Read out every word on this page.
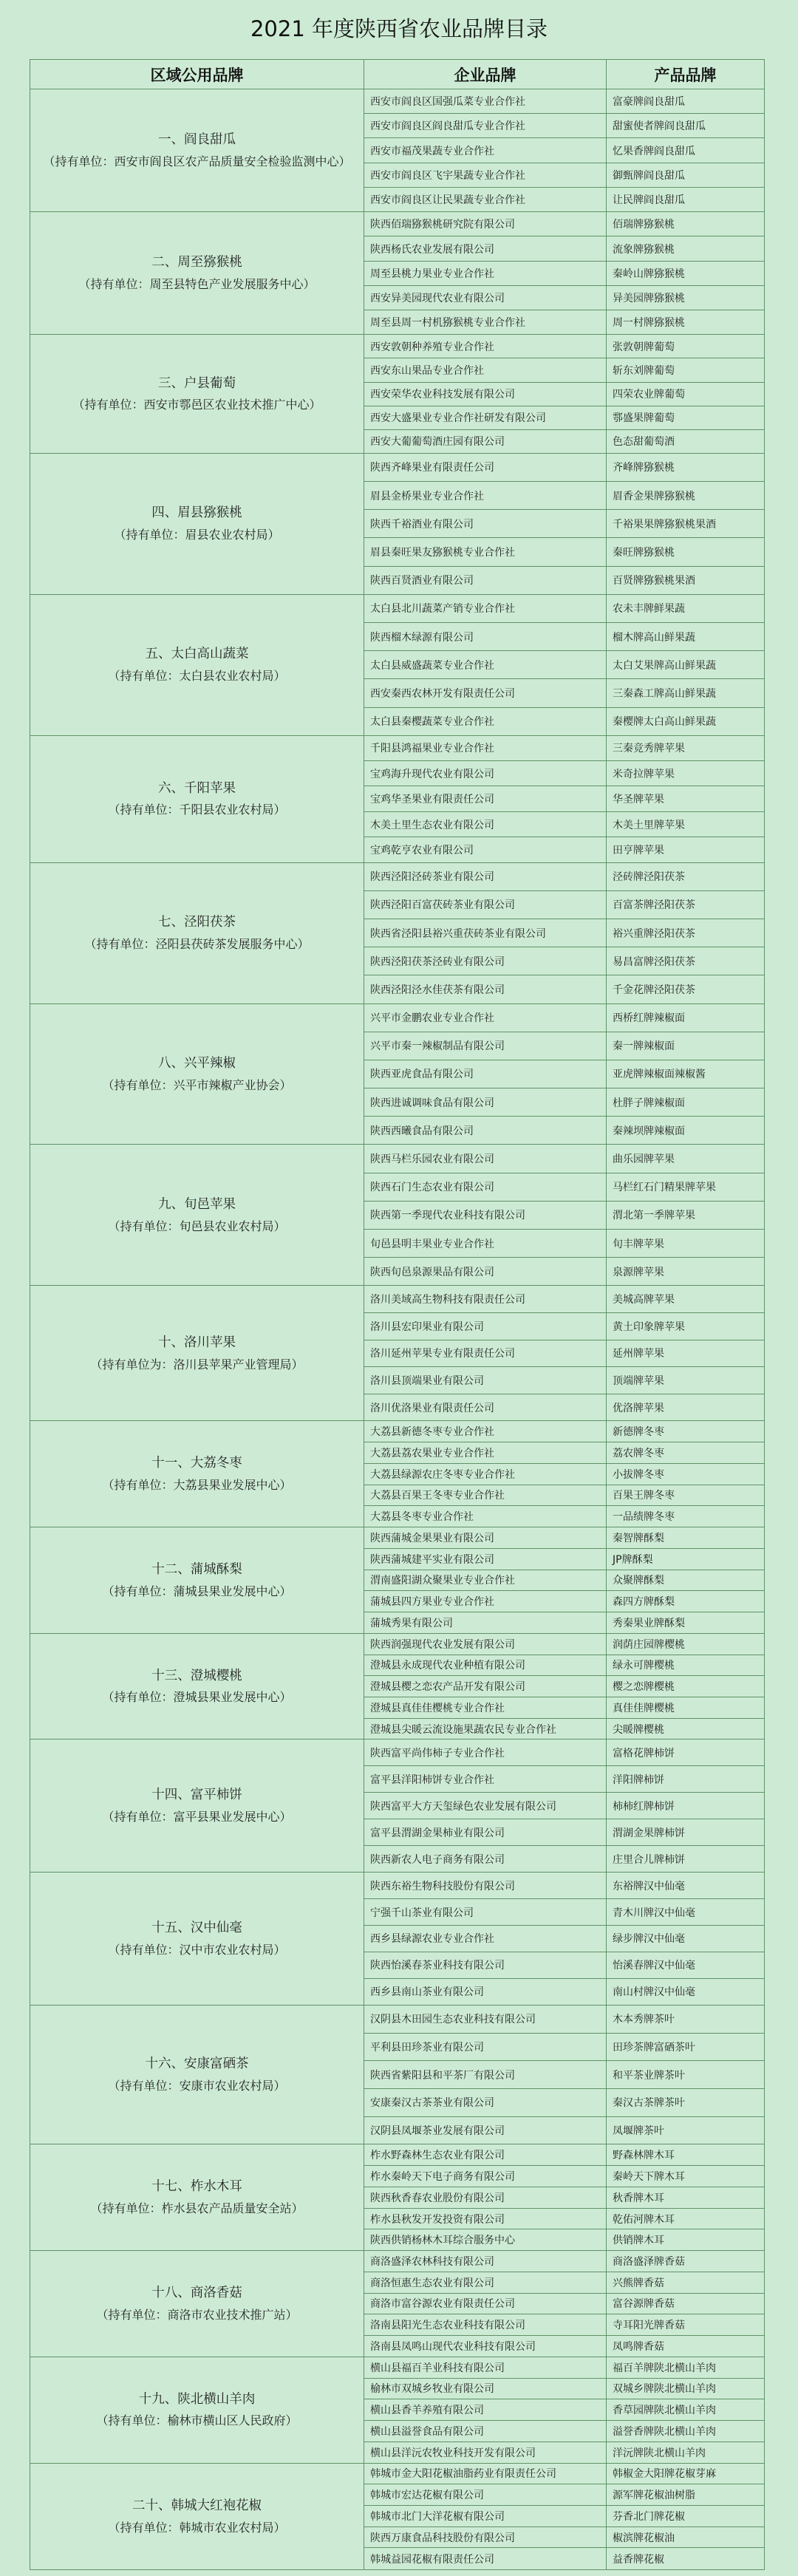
2021 年度陕西省农业品牌目录
区域公用品牌	企业品牌	产品品牌

一、阎良甜瓜
（持有单位：西安市阎良区农产品质量安全检验监测中心）	西安市阎良区国强瓜菜专业合作社	富豪牌阎良甜瓜
	西安市阎良区阎良甜瓜专业合作社	甜蜜使者牌阎良甜瓜
	西安市福茂果蔬专业合作社	忆果香牌阎良甜瓜
	西安市阎良区飞宇果蔬专业合作社	御甄牌阎良甜瓜
	西安市阎良区让民果蔬专业合作社	让民牌阎良甜瓜

二、周至猕猴桃
（持有单位：周至县特色产业发展服务中心）	陕西佰瑞猕猴桃研究院有限公司	佰瑞牌猕猴桃
	陕西杨氏农业发展有限公司	流象牌猕猴桃
	周至县桃力果业专业合作社	秦岭山牌猕猴桃
	西安异美园现代农业有限公司	异美园牌猕猴桃
	周至县周一村机猕猴桃专业合作社	周一村牌猕猴桃

三、户县葡萄
（持有单位：西安市鄠邑区农业技术推广中心）	西安敦朝种养殖专业合作社	张敦朝牌葡萄
	西安东山果品专业合作社	斩东刘牌葡萄
	西安荣华农业科技发展有限公司	四荣农业牌葡萄
	西安大盛果业专业合作社研发有限公司	鄠盛果牌葡萄
	西安大葡葡萄酒庄园有限公司	色态甜葡萄酒

四、眉县猕猴桃
（持有单位：眉县农业农村局）	陕西齐峰果业有限责任公司	齐峰牌猕猴桃
	眉县金桥果业专业合作社	眉香金果牌猕猴桃
	陕西千裕酒业有限公司	千裕果果牌猕猴桃果酒
	眉县秦旺果友猕猴桃专业合作社	秦旺牌猕猴桃
	陕西百贤酒业有限公司	百贤牌猕猴桃果酒

五、太白高山蔬菜
（持有单位：太白县农业农村局）	太白县北川蔬菜产销专业合作社	农未丰牌鲜果蔬
	陕西榴木绿源有限公司	榴木牌高山鲜果蔬
	太白县威盛蔬菜专业合作社	太白艾果牌高山鲜果蔬
	西安秦西农林开发有限责任公司	三秦森工牌高山鲜果蔬
	太白县秦樱蔬菜专业合作社	秦樱牌太白高山鲜果蔬

六、千阳苹果
（持有单位：千阳县农业农村局）	千阳县鸿福果业专业合作社	三秦竞秀牌苹果
	宝鸡海升现代农业有限公司	米奇拉牌苹果
	宝鸡华圣果业有限责任公司	华圣牌苹果
	木美土里生态农业有限公司	木美土里牌苹果
	宝鸡乾亨农业有限公司	田亨牌苹果

七、泾阳茯茶
（持有单位：泾阳县茯砖茶发展服务中心）	陕西泾阳泾砖茶业有限公司	泾砖牌泾阳茯茶
	陕西泾阳百富茯砖茶业有限公司	百富茶牌泾阳茯茶
	陕西省泾阳县裕兴重茯砖茶业有限公司	裕兴重牌泾阳茯茶
	陕西泾阳茯茶泾砖业有限公司	易昌富牌泾阳茯茶
	陕西泾阳泾水佳茯茶有限公司	千金花牌泾阳茯茶

八、兴平辣椒
（持有单位：兴平市辣椒产业协会）	兴平市金鹏农业专业合作社	西桥红牌辣椒面
	兴平市秦一辣椒制品有限公司	秦一牌辣椒面
	陕西亚虎食品有限公司	亚虎牌辣椒面辣椒酱
	陕西进诚调味食品有限公司	杜胖子牌辣椒面
	陕西西曦食品有限公司	秦辣坝牌辣椒面

九、旬邑苹果
（持有单位：旬邑县农业农村局）	陕西马栏乐园农业有限公司	曲乐园牌苹果
	陕西石门生态农业有限公司	马栏红石门精果牌苹果
	陕西第一季现代农业科技有限公司	渭北第一季牌苹果
	旬邑县明丰果业专业合作社	旬丰牌苹果
	陕西旬邑泉源果品有限公司	泉源牌苹果

十、洛川苹果
（持有单位为：洛川县苹果产业管理局）	洛川美域高生物科技有限责任公司	美城高牌苹果
	洛川县宏印果业有限公司	黄土印象牌苹果
	洛川延州苹果专业有限责任公司	延州牌苹果
	洛川县顶端果业有限公司	顶端牌苹果
	洛川优洛果业有限责任公司	优洛牌苹果

十一、大荔冬枣
（持有单位：大荔县果业发展中心）	大荔县新德冬枣专业合作社	新德牌冬枣
	大荔县荔农果业专业合作社	荔农牌冬枣
	大荔县绿源农庄冬枣专业合作社	小拔牌冬枣
	大荔县百果王冬枣专业合作社	百果王牌冬枣
	大荔县冬枣专业合作社	一品绩牌冬枣

十二、蒲城酥梨
（持有单位：蒲城县果业发展中心）	陕西蒲城金果果业有限公司	秦智牌酥梨
	陕西蒲城建平实业有限公司	JP牌酥梨
	渭南盛阳湖众聚果业专业合作社	众聚牌酥梨
	蒲城县四方果业专业合作社	森四方牌酥梨
	蒲城秀果有限公司	秀秦果业牌酥梨

十三、澄城樱桃
（持有单位：澄城县果业发展中心）	陕西润强现代农业发展有限公司	润荫庄园牌樱桃
	澄城县永成现代农业种植有限公司	绿永可牌樱桃
	澄城县樱之恋农产品开发有限公司	樱之恋牌樱桃
	澄城县真佳佳樱桃专业合作社	真佳佳牌樱桃
	澄城县尖暖云流设施果蔬农民专业合作社	尖暖牌樱桃

十四、富平柿饼
（持有单位：富平县果业发展中心）	陕西富平尚伟柿子专业合作社	富格花牌柿饼
	富平县洋阳柿饼专业合作社	洋阳牌柿饼
	陕西富平大方天玺绿色农业发展有限公司	柿柿红牌柿饼
	富平县渭湖金果柿业有限公司	渭湖金果牌柿饼
	陕西新农人电子商务有限公司	庄里合儿牌柿饼

十五、汉中仙毫
（持有单位：汉中市农业农村局）	陕西东裕生物科技股份有限公司	东裕牌汉中仙毫
	宁强千山茶业有限公司	青木川牌汉中仙毫
	西乡县绿源农业专业合作社	绿步牌汉中仙毫
	陕西怡溪春茶业科技有限公司	怡溪春牌汉中仙毫
	西乡县南山茶业有限公司	南山村牌汉中仙毫

十六、安康富硒茶
（持有单位：安康市农业农村局）	汉阴县木田园生态农业科技有限公司	木本秀牌茶叶
	平利县田珍茶业有限公司	田珍茶牌富硒茶叶
	陕西省紫阳县和平茶厂有限公司	和平茶业牌茶叶
	安康秦汉古茶茶业有限公司	秦汉古茶牌茶叶
	汉阴县凤堰茶业发展有限公司	凤堰牌茶叶

十七、柞水木耳
（持有单位：柞水县农产品质量安全站）	柞水野森林生态农业有限公司	野森林牌木耳
	柞水秦岭天下电子商务有限公司	秦岭天下牌木耳
	陕西秋香春农业股份有限公司	秋香牌木耳
	柞水县秋发开发投资有限公司	乾佑河牌木耳
	陕西供销杨林木耳综合服务中心	供销牌木耳

十八、商洛香菇
（持有单位：商洛市农业技术推广站）	商洛盛泽农林科技有限公司	商洛盛泽牌香菇
	商洛恒惠生态农业有限公司	兴熊牌香菇
	商洛市富谷源农业有限责任公司	富谷源牌香菇
	洛南县阳光生态农业科技有限公司	寺耳阳光牌香菇
	洛南县凤鸣山现代农业科技有限公司	凤鸣牌香菇

十九、陕北横山羊肉
（持有单位：榆林市横山区人民政府）	横山县福百羊业科技有限公司	福百羊牌陕北横山羊肉
	榆林市双城乡牧业有限公司	双城乡牌陕北横山羊肉
	横山县香羊养殖有限公司	香草园牌陕北横山羊肉
	横山县溢誉食品有限公司	溢誉香牌陕北横山羊肉
	横山县洋沅农牧业科技开发有限公司	洋沅牌陕北横山羊肉

二十、韩城大红袍花椒
（持有单位：韩城市农业农村局）	韩城市金大阳花椒油脂药业有限责任公司	韩椒金大阳牌花椒芽麻
	韩城市宏达花椒有限公司	源军牌花椒油树脂
	韩城市北门大洋花椒有限公司	芬香北门牌花椒
	陕西万康食品科技股份有限公司	椒滨牌花椒油
	韩城益园花椒有限责任公司	益香牌花椒
